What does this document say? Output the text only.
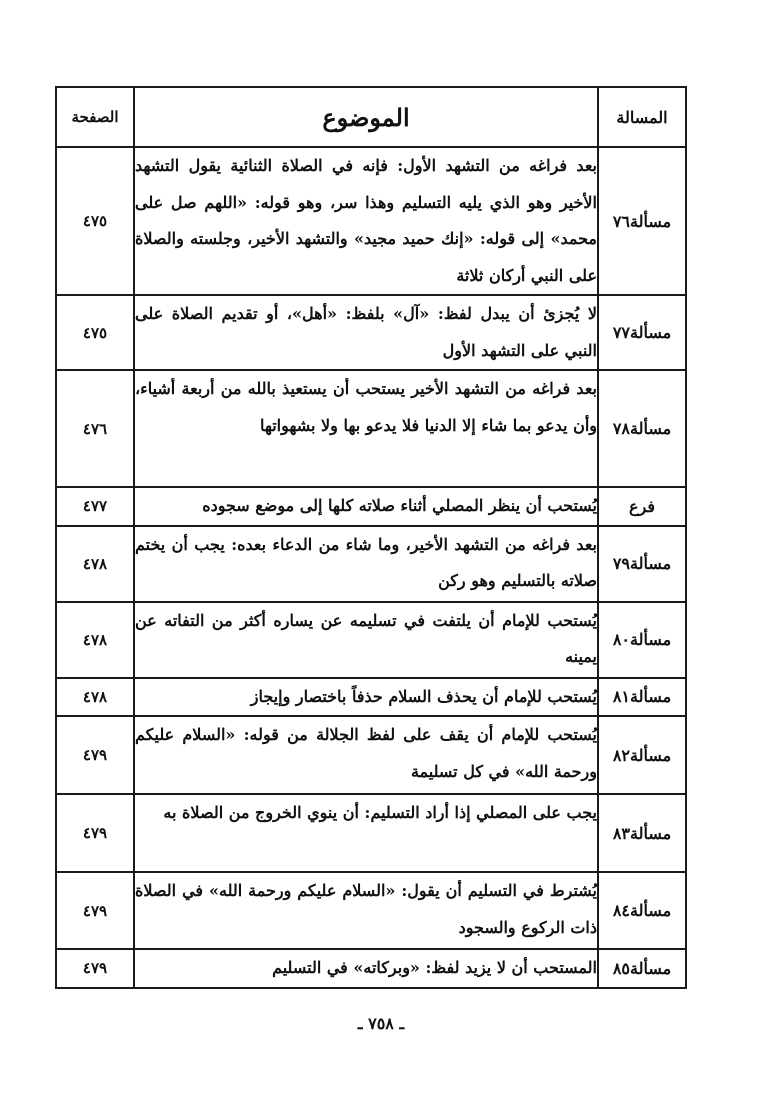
المسالة	الموضوع	الصفحة
مسألة٧٦	بعد فراغه من التشهد الأول: فإنه في الصلاة الثنائية يقول التشهد الأخير وهو الذي يليه التسليم وهذا سر، وهو قوله: «اللهم صل على محمد» إلى قوله: «إنك حميد مجيد» والتشهد الأخير، وجلسته والصلاة على النبي أركان ثلاثة	٤٧٥
مسألة٧٧	لا يُجزئ أن يبدل لفظ: «آل» بلفظ: «أهل»، أو تقديم الصلاة على النبي على التشهد الأول	٤٧٥
مسألة٧٨	بعد فراغه من التشهد الأخير يستحب أن يستعيذ بالله من أربعة أشياء، وأن يدعو بما شاء إلا الدنيا فلا يدعو بها ولا بشهواتها	٤٧٦
فرع	يُستحب أن ينظر المصلي أثناء صلاته كلها إلى موضع سجوده	٤٧٧
مسألة٧٩	بعد فراغه من التشهد الأخير، وما شاء من الدعاء بعده: يجب أن يختم صلاته بالتسليم وهو ركن	٤٧٨
مسألة٨٠	يُستحب للإمام أن يلتفت في تسليمه عن يساره أكثر من التفاته عن يمينه	٤٧٨
مسألة٨١	يُستحب للإمام أن يحذف السلام حذفاً باختصار وإيجاز	٤٧٨
مسألة٨٢	يُستحب للإمام أن يقف على لفظ الجلالة من قوله: «السلام عليكم ورحمة الله» في كل تسليمة	٤٧٩
مسألة٨٣	يجب على المصلي إذا أراد التسليم: أن ينوي الخروج من الصلاة به	٤٧٩
مسألة٨٤	يُشترط في التسليم أن يقول: «السلام عليكم ورحمة الله» في الصلاة ذات الركوع والسجود	٤٧٩
مسألة٨٥	المستحب أن لا يزيد لفظ: «وبركاته» في التسليم	٤٧٩
ـ ٧٥٨ ـ
